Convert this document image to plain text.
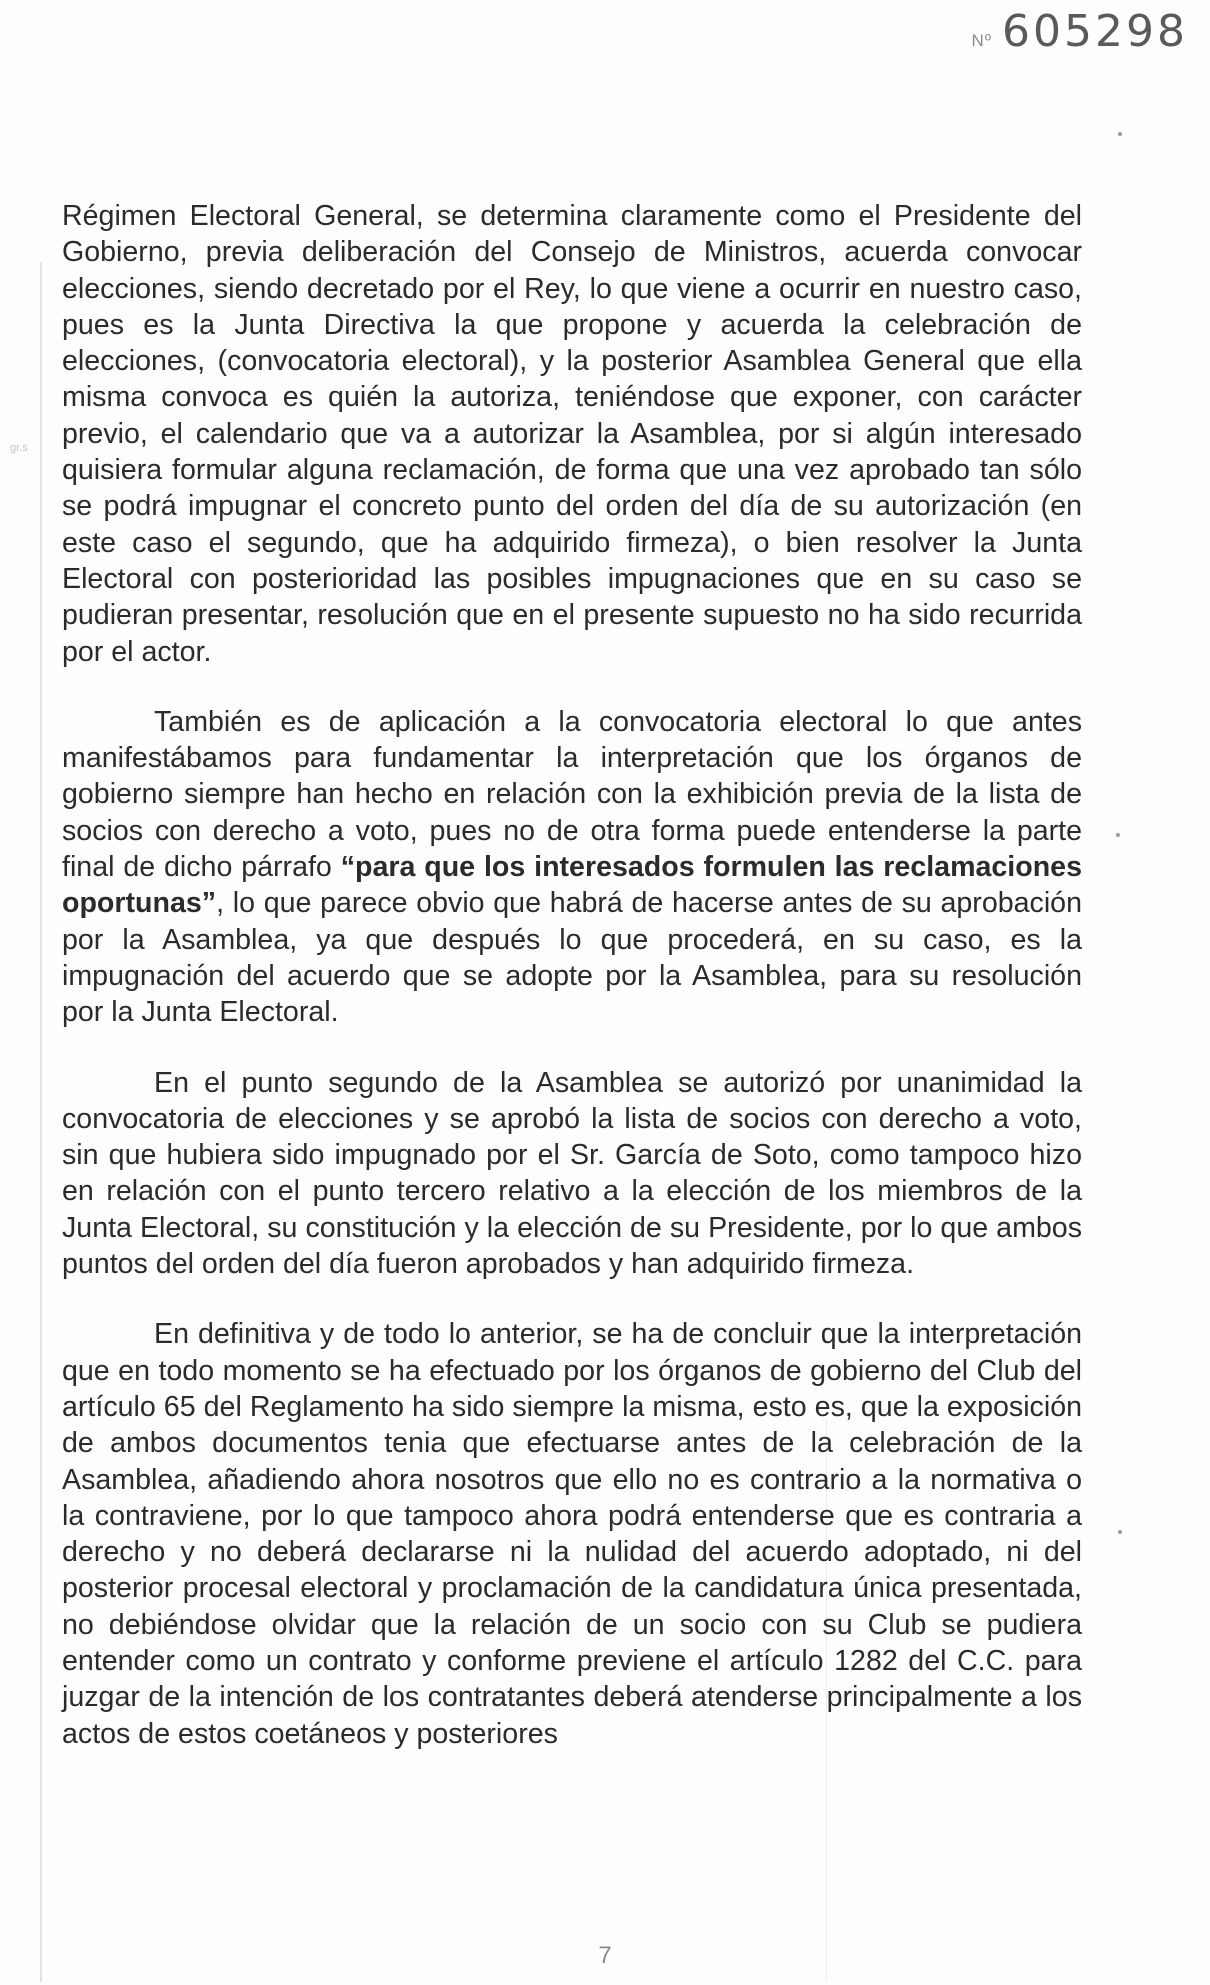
gr.s
Nº 605298

Régimen Electoral General, se determina claramente como el Presidente del Gobierno, previa deliberación del Consejo de Ministros, acuerda convocar elecciones, siendo decretado por el Rey, lo que viene a ocurrir en nuestro caso, pues es la Junta Directiva la que propone y acuerda la celebración de elecciones, (convocatoria electoral), y la posterior Asamblea General que ella misma convoca es quién la autoriza, teniéndose que exponer, con carácter previo, el calendario que va a autorizar la Asamblea, por si algún interesado quisiera formular alguna reclamación, de forma que una vez aprobado tan sólo se podrá impugnar el concreto punto del orden del día de su autorización (en este caso el segundo, que ha adquirido firmeza), o bien resolver la Junta Electoral con posterioridad las posibles impugnaciones que en su caso se pudieran presentar, resolución que en el presente supuesto no ha sido recurrida por el actor.

También es de aplicación a la convocatoria electoral lo que antes manifestábamos para fundamentar la interpretación que los órganos de gobierno siempre han hecho en relación con la exhibición previa de la lista de socios con derecho a voto, pues no de otra forma puede entenderse la parte final de dicho párrafo “para que los interesados formulen las reclamaciones oportunas”, lo que parece obvio que habrá de hacerse antes de su aprobación por la Asamblea, ya que después lo que procederá, en su caso, es la impugnación del acuerdo que se adopte por la Asamblea, para su resolución por la Junta Electoral.

En el punto segundo de la Asamblea se autorizó por unanimidad la convocatoria de elecciones y se aprobó la lista de socios con derecho a voto, sin que hubiera sido impugnado por el Sr. García de Soto, como tampoco hizo en relación con el punto tercero relativo a la elección de los miembros de la Junta Electoral, su constitución y la elección de su Presidente, por lo que ambos puntos del orden del día fueron aprobados y han adquirido firmeza.

En definitiva y de todo lo anterior, se ha de concluir que la interpretación que en todo momento se ha efectuado por los órganos de gobierno del Club del artículo 65 del Reglamento ha sido siempre la misma, esto es, que la exposición de ambos documentos tenia que efectuarse antes de la celebración de la Asamblea, añadiendo ahora nosotros que ello no es contrario a la normativa o la contraviene, por lo que tampoco ahora podrá entenderse que es contraria a derecho y no deberá declararse ni la nulidad del acuerdo adoptado, ni del posterior procesal electoral y proclamación de la candidatura única presentada, no debiéndose olvidar que la relación de un socio con su Club se pudiera entender como un contrato y conforme previene el artículo 1282 del C.C. para juzgar de la intención de los contratantes deberá atenderse principalmente a los actos de estos coetáneos y posteriores

7
